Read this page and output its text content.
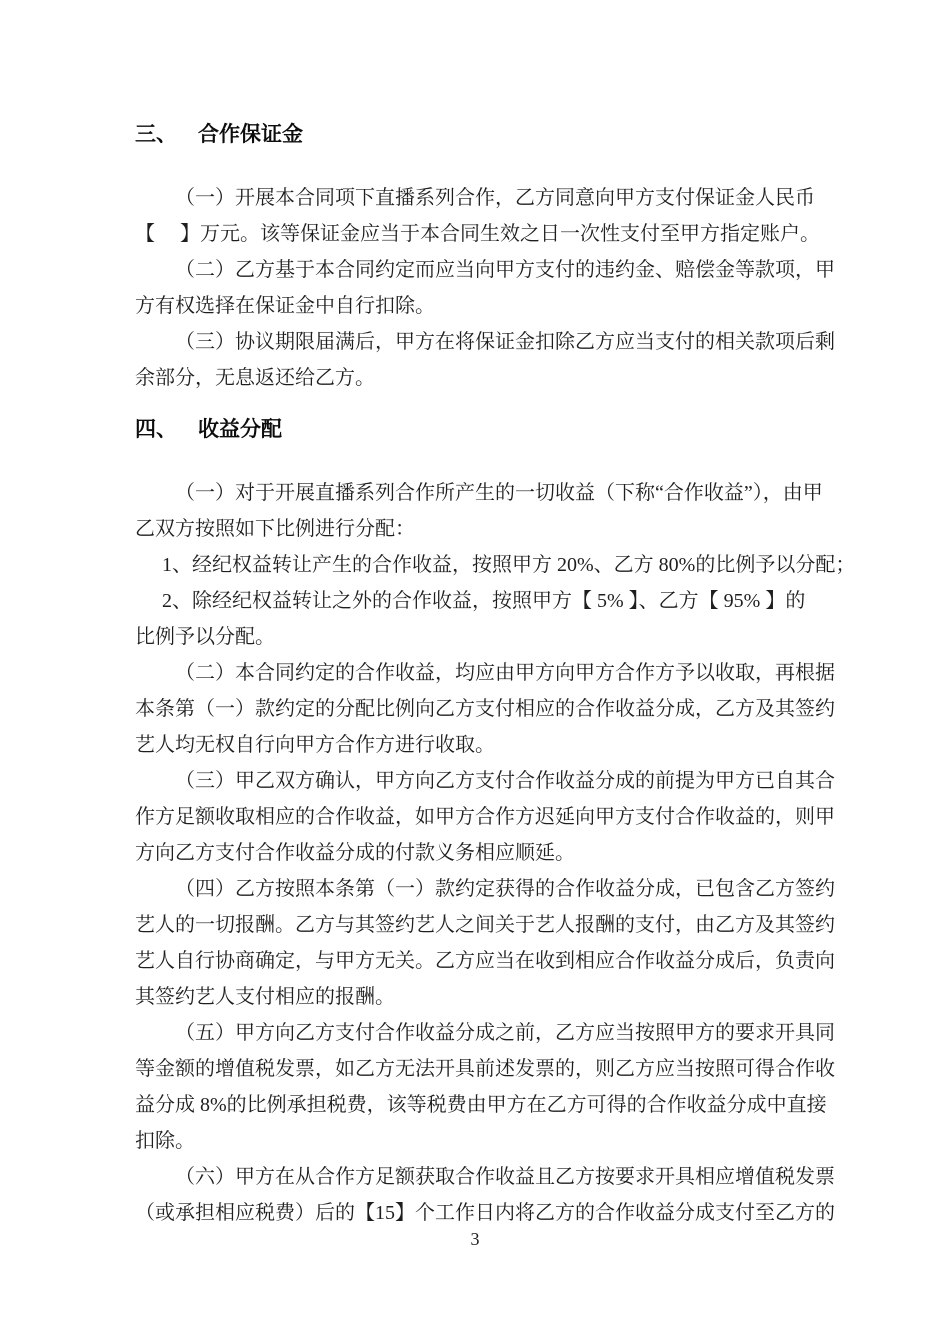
三、 合作保证金
（一）开展本合同项下直播系列合作，乙方同意向甲方支付保证金人民币
【　 】万元。该等保证金应当于本合同生效之日一次性支付至甲方指定账户。
（二）乙方基于本合同约定而应当向甲方支付的违约金、赔偿金等款项，甲
方有权选择在保证金中自行扣除。
（三）协议期限届满后，甲方在将保证金扣除乙方应当支付的相关款项后剩
余部分，无息返还给乙方。
四、 收益分配
（一）对于开展直播系列合作所产生的一切收益（下称“合作收益”），由甲
乙双方按照如下比例进行分配：
1、经纪权益转让产生的合作收益，按照甲方 20%、乙方 80%的比例予以分配；
2、除经纪权益转让之外的合作收益，按照甲方【 5% 】、乙方【 95% 】的
比例予以分配。
（二）本合同约定的合作收益，均应由甲方向甲方合作方予以收取，再根据
本条第（一）款约定的分配比例向乙方支付相应的合作收益分成，乙方及其签约
艺人均无权自行向甲方合作方进行收取。
（三）甲乙双方确认，甲方向乙方支付合作收益分成的前提为甲方已自其合
作方足额收取相应的合作收益，如甲方合作方迟延向甲方支付合作收益的，则甲
方向乙方支付合作收益分成的付款义务相应顺延。
（四）乙方按照本条第（一）款约定获得的合作收益分成，已包含乙方签约
艺人的一切报酬。乙方与其签约艺人之间关于艺人报酬的支付，由乙方及其签约
艺人自行协商确定，与甲方无关。乙方应当在收到相应合作收益分成后，负责向
其签约艺人支付相应的报酬。
（五）甲方向乙方支付合作收益分成之前，乙方应当按照甲方的要求开具同
等金额的增值税发票，如乙方无法开具前述发票的，则乙方应当按照可得合作收
益分成 8%的比例承担税费，该等税费由甲方在乙方可得的合作收益分成中直接
扣除。
（六）甲方在从合作方足额获取合作收益且乙方按要求开具相应增值税发票
（或承担相应税费）后的【15】个工作日内将乙方的合作收益分成支付至乙方的
3
